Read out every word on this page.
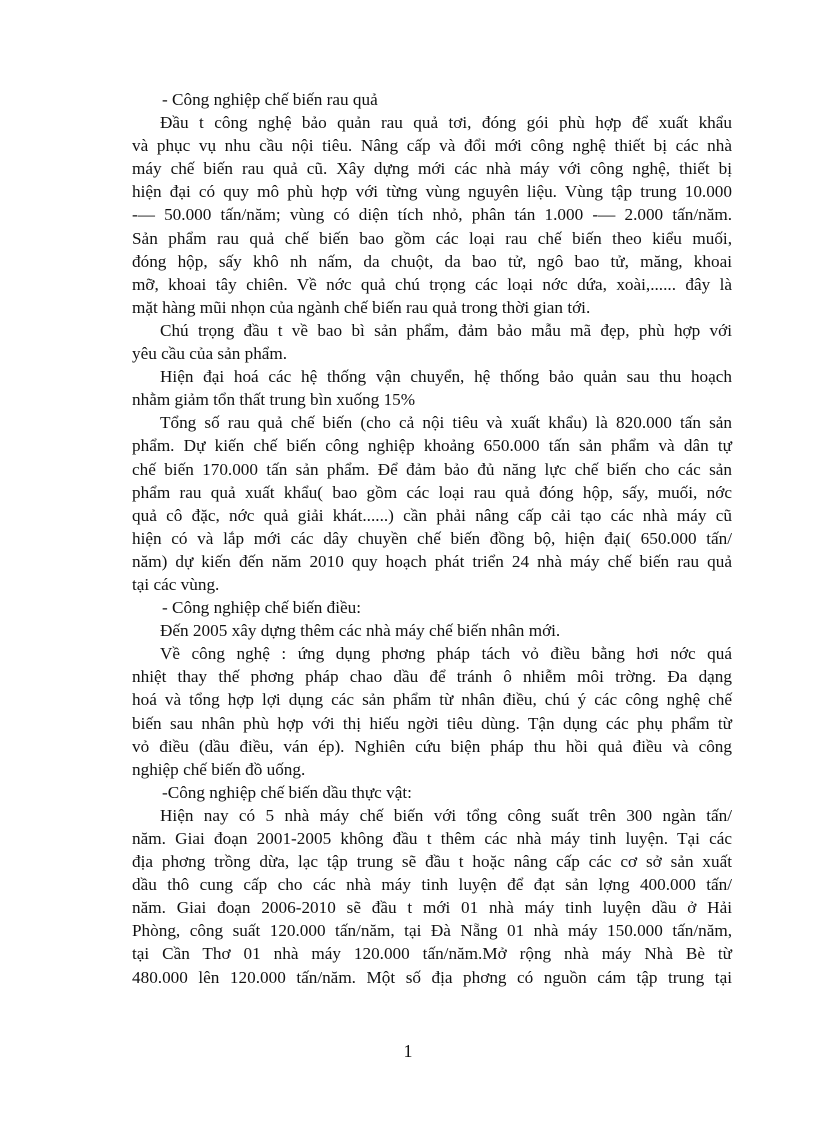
- Công nghiệp chế biến rau quả
Đầu t công nghệ bảo quản rau quả tơi, đóng gói phù hợp để xuất khẩu
và phục vụ nhu cầu nội tiêu. Nâng cấp và đổi mới công nghệ thiết bị các nhà
máy chế biến rau quả cũ. Xây dựng mới các nhà máy với công nghệ, thiết bị
hiện đại có quy mô phù hợp với từng vùng nguyên liệu. Vùng tập trung 10.000
-— 50.000 tấn/năm; vùng có diện tích nhỏ, phân tán 1.000 -— 2.000 tấn/năm.
Sản phẩm rau quả chế biến bao gồm các loại rau chế biến theo kiểu muối,
đóng hộp, sấy khô nh nấm, da chuột, da bao tử, ngô bao tử, măng, khoai
mỡ, khoai tây chiên. Về nớc quả chú trọng các loại nớc dứa, xoài,...... đây là
mặt hàng mũi nhọn của ngành chế biến rau quả trong thời gian tới.
Chú trọng đầu t về bao bì sản phẩm, đảm bảo mẫu mã đẹp, phù hợp với
yêu cầu của sản phẩm.
Hiện đại hoá các hệ thống vận chuyển, hệ thống bảo quản sau thu hoạch
nhằm giảm tổn thất trung bìn xuống 15%
Tổng số rau quả chế biến (cho cả nội tiêu và xuất khẩu) là 820.000 tấn sản
phẩm. Dự kiến chế biến công nghiệp khoảng 650.000 tấn sản phẩm và dân tự
chế biến 170.000 tấn sản phẩm. Để đảm bảo đủ năng lực chế biến cho các sản
phẩm rau quả xuất khẩu( bao gồm các loại rau quả đóng hộp, sấy, muối, nớc
quả cô đặc, nớc quả giải khát......) cần phải nâng cấp cải tạo các nhà máy cũ
hiện có và lắp mới các dây chuyền chế biến đồng bộ, hiện đại( 650.000 tấn/
năm) dự kiến đến năm 2010 quy hoạch phát triển 24 nhà máy chế biến rau quả
tại các vùng.
- Công nghiệp chế biến điều:
Đến 2005 xây dựng thêm các nhà máy chế biến nhân mới.
Về công nghệ : ứng dụng phơng pháp tách vỏ điều bằng hơi nớc quá
nhiệt thay thế phơng pháp chao dầu để tránh ô nhiễm môi trờng. Đa dạng
hoá và tổng hợp lợi dụng các sản phẩm từ nhân điều, chú ý các công nghệ chế
biến sau nhân phù hợp với thị hiếu ngời tiêu dùng. Tận dụng các phụ phẩm từ
vỏ điều (dầu điều, ván ép). Nghiên cứu biện pháp thu hồi quả điều và công
nghiệp chế biến đồ uống.
-Công nghiệp chế biến dầu thực vật:
Hiện nay có 5 nhà máy chế biến với tổng công suất trên 300 ngàn tấn/
năm. Giai đoạn 2001-2005 không đầu t thêm các nhà máy tinh luyện. Tại các
địa phơng trồng dừa, lạc tập trung sẽ đầu t hoặc nâng cấp các cơ sở sản xuất
dầu thô cung cấp cho các nhà máy tinh luyện để đạt sản lợng 400.000 tấn/
năm. Giai đoạn 2006-2010 sẽ đầu t mới 01 nhà máy tinh luyện dầu ở Hải
Phòng, công suất 120.000 tấn/năm, tại Đà Nẵng 01 nhà máy 150.000 tấn/năm,
tại Cần Thơ 01 nhà máy 120.000 tấn/năm.Mở rộng nhà máy Nhà Bè từ
480.000 lên 120.000 tấn/năm. Một số địa phơng có nguồn cám tập trung tại
1
